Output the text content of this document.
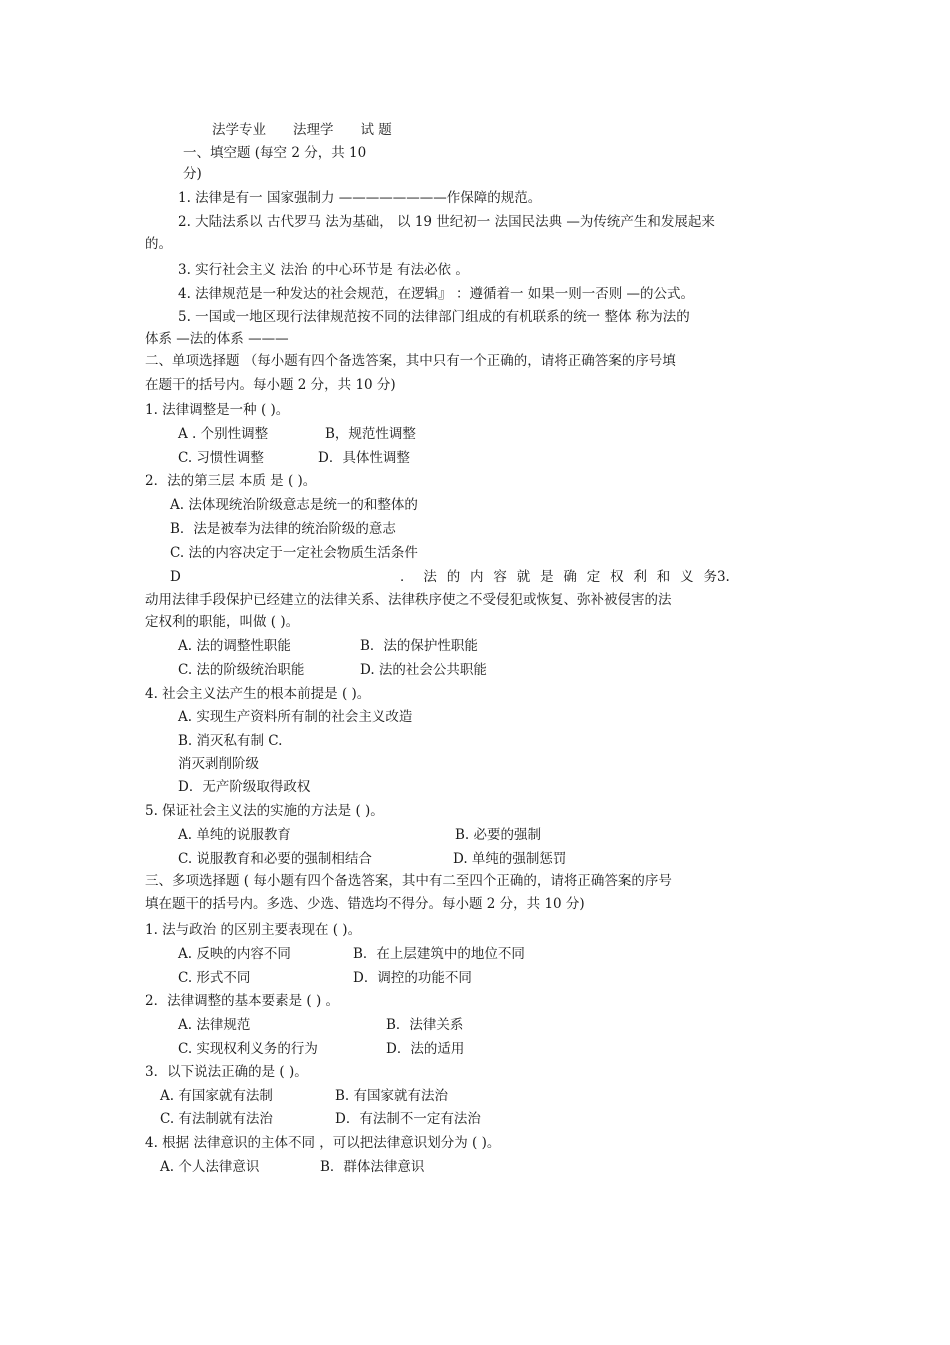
法学专业　　法理学　　试 题
一、填空题 (每空 2 分，共 10
分)
1. 法律是有一 国家强制力 ————————作保障的规范。
2. 大陆法系以 古代罗马 法为基础， 以 19 世纪初一 法国民法典 —为传统产生和发展起来
的。
3. 实行社会主义 法治 的中心环节是 有法必依 。
4. 法律规范是一种发达的社会规范，在逻辑』 ：遵循着一 如果一则一否则 —的公式。
5. 一国或一地区现行法律规范按不同的法律部门组成的有机联系的统一 整体 称为法的
体系 —法的体系 ———
二、单项选择题 （每小题有四个备选答案，其中只有一个正确的，请将正确答案的序号填
在题干的括号内。每小题 2 分，共 10 分)
1. 法律调整是一种 ( )。
A . 个别性调整	B，规范性调整
C. 习惯性调整	D．具体性调整
2．法的第三层 本质 是 ( )。
A. 法体现统治阶级意志是统一的和整体的
B．法是被奉为法律的统治阶级的意志
C. 法的内容决定于一定社会物质生活条件
D	． 法 的 内 容 就 是 确 定 权 利 和 义 务3.
动用法律手段保护已经建立的法律关系、法律秩序使之不受侵犯或恢复、弥补被侵害的法
定权利的职能，叫做 ( )。
A. 法的调整性职能	B．法的保护性职能
C. 法的阶级统治职能	D. 法的社会公共职能
4. 社会主义法产生的根本前提是 ( )。
A. 实现生产资料所有制的社会主义改造
B. 消灭私有制 C.
消灭剥削阶级
D．无产阶级取得政权
5. 保证社会主义法的实施的方法是 ( )。
A. 单纯的说服教育	B. 必要的强制
C. 说服教育和必要的强制相结合	D. 单纯的强制惩罚
三、多项选择题 ( 每小题有四个备选答案，其中有二至四个正确的，请将正确答案的序号
填在题干的括号内。多选、少选、错选均不得分。每小题 2 分，共 10 分)
1. 法与政治 的区别主要表现在 ( )。
A. 反映的内容不同	B．在上层建筑中的地位不同
C. 形式不同	D．调控的功能不同
2．法律调整的基本要素是 ( ) 。
A. 法律规范	B．法律关系
C. 实现权利义务的行为	D．法的适用
3．以下说法正确的是 ( )。
A. 有国家就有法制	B. 有国家就有法治
C. 有法制就有法治	D．有法制不一定有法治
4. 根据 法律意识的主体不同 ，可以把法律意识划分为 ( )。
A. 个人法律意识	B．群体法律意识
